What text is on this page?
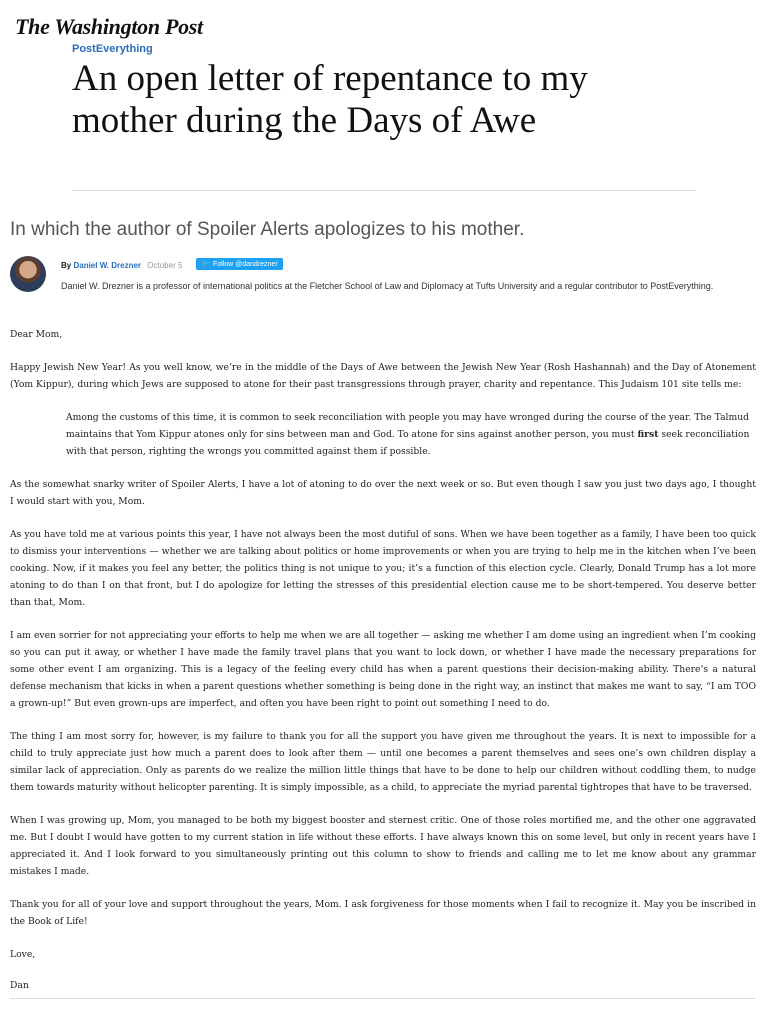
The Washington Post
PostEverything
An open letter of repentance to my mother during the Days of Awe

In which the author of Spoiler Alerts apologizes to his mother.

By Daniel W. Drezner October 5	🐦 Follow @dandrezner

Daniel W. Drezner is a professor of international politics at the Fletcher School of Law and Diplomacy at Tufts University and a regular contributor to PostEverything.

Dear Mom,

Happy Jewish New Year! As you well know, we’re in the middle of the Days of Awe between the Jewish New Year (Rosh Hashannah) and the Day of Atonement (Yom Kippur), during which Jews are supposed to atone for their past transgressions through prayer, charity and repentance. This Judaism 101 site tells me:

Among the customs of this time, it is common to seek reconciliation with people you may have wronged during the course of the year. The Talmud maintains that Yom Kippur atones only for sins between man and God. To atone for sins against another person, you must first seek reconciliation with that person, righting the wrongs you committed against them if possible.

As the somewhat snarky writer of Spoiler Alerts, I have a lot of atoning to do over the next week or so. But even though I saw you just two days ago, I thought I would start with you, Mom.

As you have told me at various points this year, I have not always been the most dutiful of sons. When we have been together as a family, I have been too quick to dismiss your interventions — whether we are talking about politics or home improvements or when you are trying to help me in the kitchen when I’ve been cooking. Now, if it makes you feel any better, the politics thing is not unique to you; it’s a function of this election cycle. Clearly, Donald Trump has a lot more atoning to do than I on that front, but I do apologize for letting the stresses of this presidential election cause me to be short-tempered. You deserve better than that, Mom.

I am even sorrier for not appreciating your efforts to help me when we are all together — asking me whether I am dome using an ingredient when I’m cooking so you can put it away, or whether I have made the family travel plans that you want to lock down, or whether I have made the necessary preparations for some other event I am organizing. This is a legacy of the feeling every child has when a parent questions their decision-making ability. There’s a natural defense mechanism that kicks in when a parent questions whether something is being done in the right way, an instinct that makes me want to say, “I am TOO a grown-up!” But even grown-ups are imperfect, and often you have been right to point out something I need to do.

The thing I am most sorry for, however, is my failure to thank you for all the support you have given me throughout the years. It is next to impossible for a child to truly appreciate just how much a parent does to look after them — until one becomes a parent themselves and sees one’s own children display a similar lack of appreciation. Only as parents do we realize the million little things that have to be done to help our children without coddling them, to nudge them towards maturity without helicopter parenting. It is simply impossible, as a child, to appreciate the myriad parental tightropes that have to be traversed.

When I was growing up, Mom, you managed to be both my biggest booster and sternest critic. One of those roles mortified me, and the other one aggravated me. But I doubt I would have gotten to my current station in life without these efforts. I have always known this on some level, but only in recent years have I appreciated it. And I look forward to you simultaneously printing out this column to show to friends and calling me to let me know about any grammar mistakes I made.

Thank you for all of your love and support throughout the years, Mom. I ask forgiveness for those moments when I fail to recognize it. May you be inscribed in the Book of Life!

Love,

Dan
